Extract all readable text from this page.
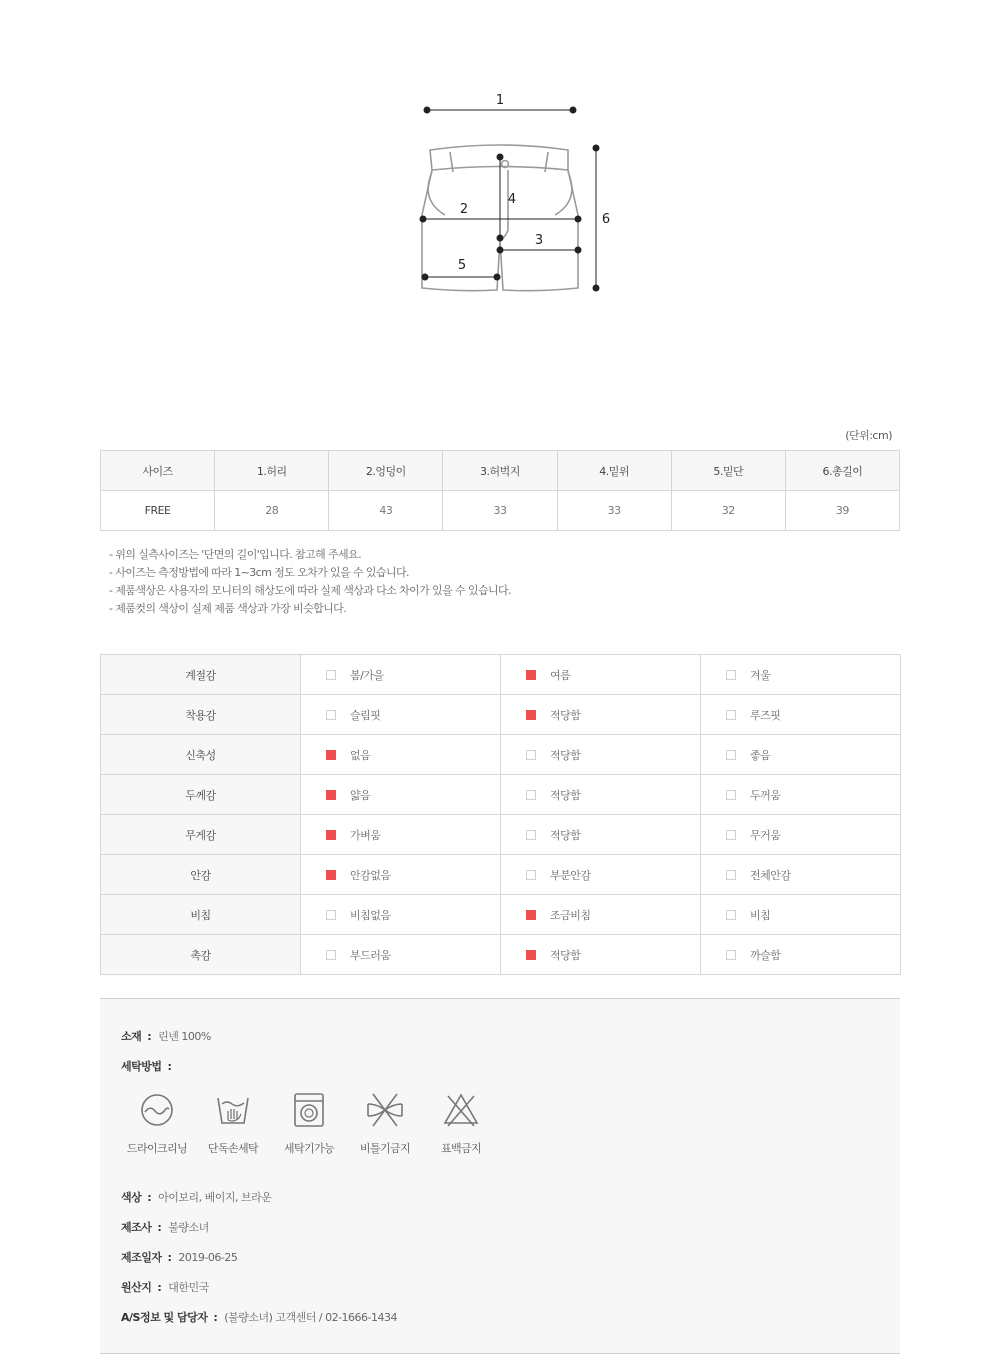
1
2
3
4
5
6
(단위:cm)
사이즈	1.허리	2.엉덩이	3.허벅지	4.밑위	5.밑단	6.총길이
FREE	28	43	33	33	32	39
- 위의 실측사이즈는 '단면의 길이'입니다. 참고해 주세요.
- 사이즈는 측정방법에 따라 1~3cm 정도 오차가 있을 수 있습니다.
- 제품색상은 사용자의 모니터의 해상도에 따라 실제 색상과 다소 차이가 있을 수 있습니다.
- 제품컷의 색상이 실제 제품 색상과 가장 비슷합니다.
계절감	봄/가을	여름	겨울
착용감	슬림핏	적당함	루즈핏
신축성	없음	적당함	좋음
두께감	얇음	적당함	두꺼움
무게감	가벼움	적당함	무거움
안감	안감없음	부분안감	전체안감
비침	비침없음	조금비침	비침
촉감	부드러움	적당함	까슬함
소재 : 린넨 100%
세탁방법 :
색상 : 아이보리, 베이지, 브라운
제조사 : 불량소녀
제조일자 : 2019-06-25
원산지 : 대한민국
A/S정보 및 담당자 : (불량소녀) 고객센터 / 02-1666-1434
드라이크리닝	단독손세탁	세탁기가능	비틀기금지	표백금지
